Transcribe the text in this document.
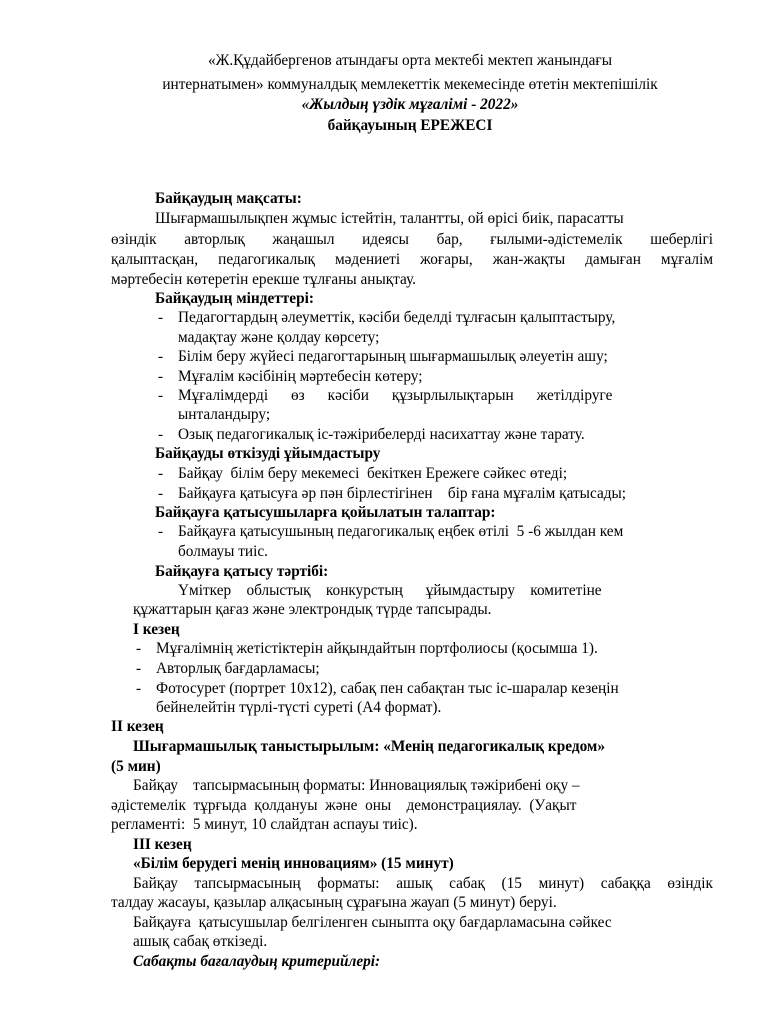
«Ж.Құдайбергенов атындағы орта мектебі мектеп жанындағы
интернатымен» коммуналдық мемлекеттік мекемесінде өтетін мектепішілік
«Жылдың үздік мұғалімі - 2022»
байқауының ЕРЕЖЕСІ
Байқаудың мақсаты:
Шығармашылықпен жұмыс істейтін, талантты, ой өрісі биік, парасатты
өзіндік авторлық жаңашыл идеясы бар, ғылыми-әдістемелік шеберлігі
қалыптасқан, педагогикалық мәдениеті жоғары, жан-жақты дамыған мұғалім
мәртебесін көтеретін ерекше тұлғаны анықтау.
Байқаудың міндеттері:
- Педагогтардың әлеуметтік, кәсіби беделді тұлғасын қалыптастыру,
мадақтау және қолдау көрсету;
- Білім беру жүйесі педагогтарының шығармашылық әлеуетін ашу;
- Мұғалім кәсібінің мәртебесін көтеру;
- Мұғалімдерді      өз      кәсіби      құзырлылықтарын      жетілдіруге
ынталандыру;
- Озық педагогикалық іс-тәжірибелерді насихаттау және тарату.
Байқауды өткізуді ұйымдастыру
- Байқау  білім беру мекемесі  бекіткен Ережеге сәйкес өтеді;
- Байқауға қатысуға әр пән бірлестігінен    бір ғана мұғалім қатысады;
Байқауға қатысушыларға қойылатын талаптар:
- Байқауға қатысушының педагогикалық еңбек өтілі  5 -6 жылдан кем
болмауы тиіс.
Байқауға қатысу тәртібі:
Үміткер    облыстық    конкурстың      ұйымдастыру    комитетіне
құжаттарын қағаз және электрондық түрде тапсырады.
І кезең
- Мұғалімнің жетістіктерін айқындайтын портфолиосы (қосымша 1).
- Авторлық бағдарламасы;
- Фотосурет (портрет 10х12), сабақ пен сабақтан тыс іс-шаралар кезеңін
бейнелейтін түрлі-түсті суреті (А4 формат).
ІІ кезең
Шығармашылық таныстырылым: «Менің педагогикалық кредом»
(5 мин)
Байқау    тапсырмасының форматы: Инновациялық тәжірибені оқу –
әдістемелік  тұрғыда  қолдануы  және  оны    демонстрациялау.  (Уақыт
регламенті:  5 минут, 10 слайдтан аспауы тиіс).
ІІІ кезең
«Білім берудегі менің инновациям» (15 минут)
Байқау тапсырмасының форматы: ашық сабақ (15 минут) сабаққа өзіндік
талдау жасауы, қазылар алқасының сұрағына жауап (5 минут) беруі.
Байқауға  қатысушылар белгіленген сыныпта оқу бағдарламасына сәйкес
ашық сабақ өткізеді.
Сабақты бағалаудың критерийлері:
